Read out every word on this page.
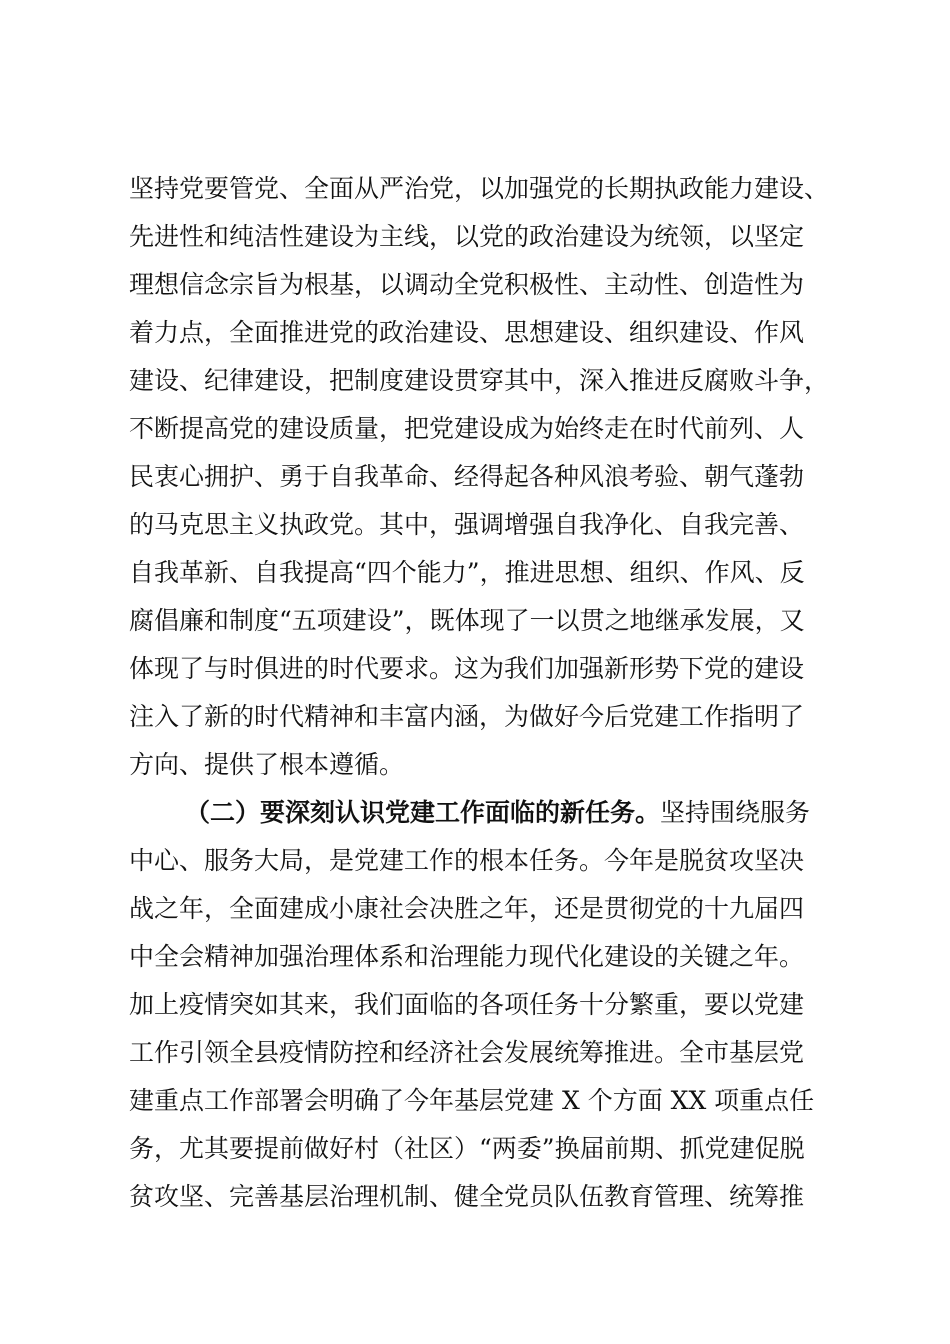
坚持党要管党、全面从严治党，以加强党的长期执政能力建设、
先进性和纯洁性建设为主线，以党的政治建设为统领，以坚定
理想信念宗旨为根基，以调动全党积极性、主动性、创造性为
着力点，全面推进党的政治建设、思想建设、组织建设、作风
建设、纪律建设，把制度建设贯穿其中，深入推进反腐败斗争，
不断提高党的建设质量，把党建设成为始终走在时代前列、人
民衷心拥护、勇于自我革命、经得起各种风浪考验、朝气蓬勃
的马克思主义执政党。其中，强调增强自我净化、自我完善、
自我革新、自我提高“四个能力”，推进思想、组织、作风、反
腐倡廉和制度“五项建设”，既体现了一以贯之地继承发展，又
体现了与时俱进的时代要求。这为我们加强新形势下党的建设
注入了新的时代精神和丰富内涵，为做好今后党建工作指明了
方向、提供了根本遵循。
（二）要深刻认识党建工作面临的新任务。坚持围绕服务
中心、服务大局，是党建工作的根本任务。今年是脱贫攻坚决
战之年，全面建成小康社会决胜之年，还是贯彻党的十九届四
中全会精神加强治理体系和治理能力现代化建设的关键之年。
加上疫情突如其来，我们面临的各项任务十分繁重，要以党建
工作引领全县疫情防控和经济社会发展统筹推进。全市基层党
建重点工作部署会明确了今年基层党建 X 个方面 XX 项重点任
务，尤其要提前做好村（社区）“两委”换届前期、抓党建促脱
贫攻坚、完善基层治理机制、健全党员队伍教育管理、统筹推
